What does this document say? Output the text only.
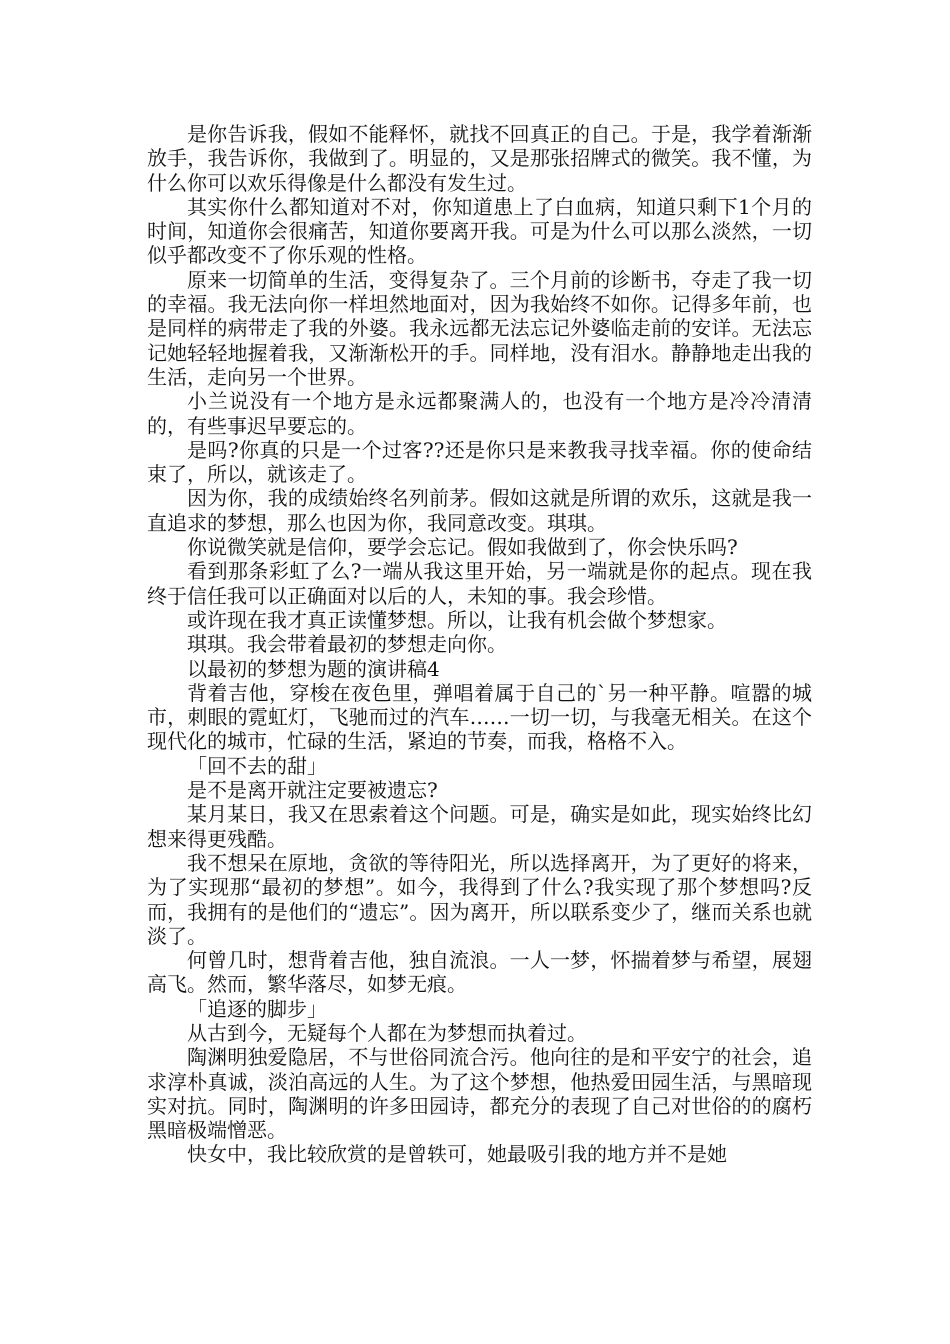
是你告诉我，假如不能释怀，就找不回真正的自己。于是，我学着渐渐放手，我告诉你，我做到了。明显的，又是那张招牌式的微笑。我不懂，为什么你可以欢乐得像是什么都没有发生过。

其实你什么都知道对不对，你知道患上了白血病，知道只剩下1个月的时间，知道你会很痛苦，知道你要离开我。可是为什么可以那么淡然，一切似乎都改变不了你乐观的性格。

原来一切简单的生活，变得复杂了。三个月前的诊断书，夺走了我一切的幸福。我无法向你一样坦然地面对，因为我始终不如你。记得多年前，也是同样的病带走了我的外婆。我永远都无法忘记外婆临走前的安详。无法忘记她轻轻地握着我，又渐渐松开的手。同样地，没有泪水。静静地走出我的生活，走向另一个世界。

小兰说没有一个地方是永远都聚满人的，也没有一个地方是冷冷清清的，有些事迟早要忘的。

是吗?你真的只是一个过客??还是你只是来教我寻找幸福。你的使命结束了，所以，就该走了。

因为你，我的成绩始终名列前茅。假如这就是所谓的欢乐，这就是我一直追求的梦想，那么也因为你，我同意改变。琪琪。

你说微笑就是信仰，要学会忘记。假如我做到了，你会快乐吗?

看到那条彩虹了么?一端从我这里开始，另一端就是你的起点。现在我终于信任我可以正确面对以后的人，未知的事。我会珍惜。

或许现在我才真正读懂梦想。所以，让我有机会做个梦想家。

琪琪。我会带着最初的梦想走向你。

以最初的梦想为题的演讲稿4

背着吉他，穿梭在夜色里，弹唱着属于自己的`另一种平静。喧嚣的城市，刺眼的霓虹灯，飞驰而过的汽车……一切一切，与我毫无相关。在这个现代化的城市，忙碌的生活，紧迫的节奏，而我，格格不入。

「回不去的甜」

是不是离开就注定要被遗忘?

某月某日，我又在思索着这个问题。可是，确实是如此，现实始终比幻想来得更残酷。

我不想呆在原地，贪欲的等待阳光，所以选择离开，为了更好的将来，为了实现那“最初的梦想”。如今，我得到了什么?我实现了那个梦想吗?反而，我拥有的是他们的“遗忘”。因为离开，所以联系变少了，继而关系也就淡了。

何曾几时，想背着吉他，独自流浪。一人一梦，怀揣着梦与希望，展翅高飞。然而，繁华落尽，如梦无痕。

「追逐的脚步」

从古到今，无疑每个人都在为梦想而执着过。

陶渊明独爱隐居，不与世俗同流合污。他向往的是和平安宁的社会，追求淳朴真诚，淡泊高远的人生。为了这个梦想，他热爱田园生活，与黑暗现实对抗。同时，陶渊明的许多田园诗，都充分的表现了自己对世俗的的腐朽黑暗极端憎恶。

快女中，我比较欣赏的是曾轶可，她最吸引我的地方并不是她
